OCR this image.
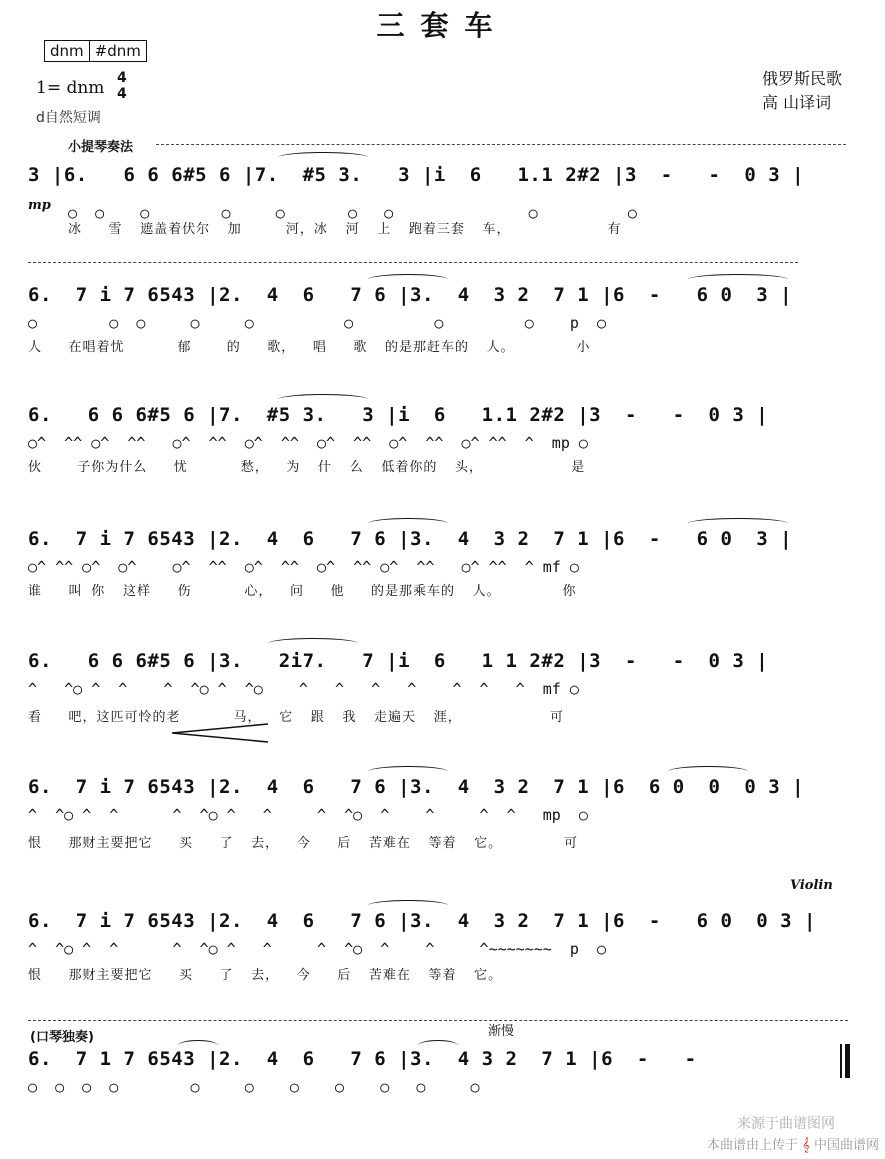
三套车
dnm #dnm
1= dnm 4
4
d自然短调
俄罗斯民歌
高 山译词
小提琴奏法
3 |6.   6 6 6#5 6 |7.  #5 3.   3 |i  6   1.1 2#2 |3  -   -  0 3 |
mp ○  ○    ○        ○     ○       ○   ○               ○          ○
冰   雪  遮盖着伏尔  加     河，冰  河  上  跑着三套  车，           有
6.  7 i 7 6543 |2.  4  6   7 6 |3.  4  3 2  7 1 |6  -   6 0  3 |
○        ○  ○     ○     ○          ○         ○         ○    p  ○
人   在唱着忧      郁    的   歌，  唱   歌  的是那赶车的  人。       小
6.   6 6 6#5 6 |7.  #5 3.   3 |i  6   1.1 2#2 |3  -   -  0 3 |
○^  ^^ ○^  ^^   ○^  ^^  ○^  ^^  ○^  ^^  ○^  ^^  ○^ ^^  ^  mp ○
伙    子你为什么   忧      愁，  为  什  么  低着你的  头，          是
6.  7 i 7 6543 |2.  4  6   7 6 |3.  4  3 2  7 1 |6  -   6 0  3 |
○^ ^^ ○^  ○^    ○^  ^^  ○^  ^^  ○^  ^^ ○^  ^^   ○^ ^^  ^ mf ○
谁   叫 你  这样   伤      心，  问   他   的是那乘车的  人。       你
6.   6 6 6#5 6 |3.   2i7.   7 |i  6   1 1 2#2 |3  -   -  0 3 |
^   ^○ ^  ^    ^  ^○ ^  ^○    ^   ^   ^   ^    ^  ^   ^  mf ○
看   吧，这匹可怜的老      马，  它  跟  我  走遍天  涯，          可
6.  7 i 7 6543 |2.  4  6   7 6 |3.  4  3 2  7 1 |6  6 0  0  0 3 |
^  ^○ ^  ^      ^  ^○ ^   ^     ^  ^○  ^    ^     ^  ^   mp  ○
恨   那财主要把它   买   了  去，  今   后  苦难在  等着  它。       可
Violin
6.  7 i 7 6543 |2.  4  6   7 6 |3.  4  3 2  7 1 |6  -   6 0  0 3 |
^  ^○ ^  ^      ^  ^○ ^   ^     ^  ^○  ^    ^     ^~~~~~~~  p  ○
恨   那财主要把它   买   了  去，  今   后  苦难在  等着  它。
(口琴独奏)	渐慢
6.  7 1 7 6543 |2.  4  6   7 6 |3.  4 3 2  7 1 |6  -   -
○  ○  ○  ○        ○     ○    ○    ○    ○   ○     ○
来源于曲谱图网
本曲谱由上传于 𝄞 中国曲谱网
